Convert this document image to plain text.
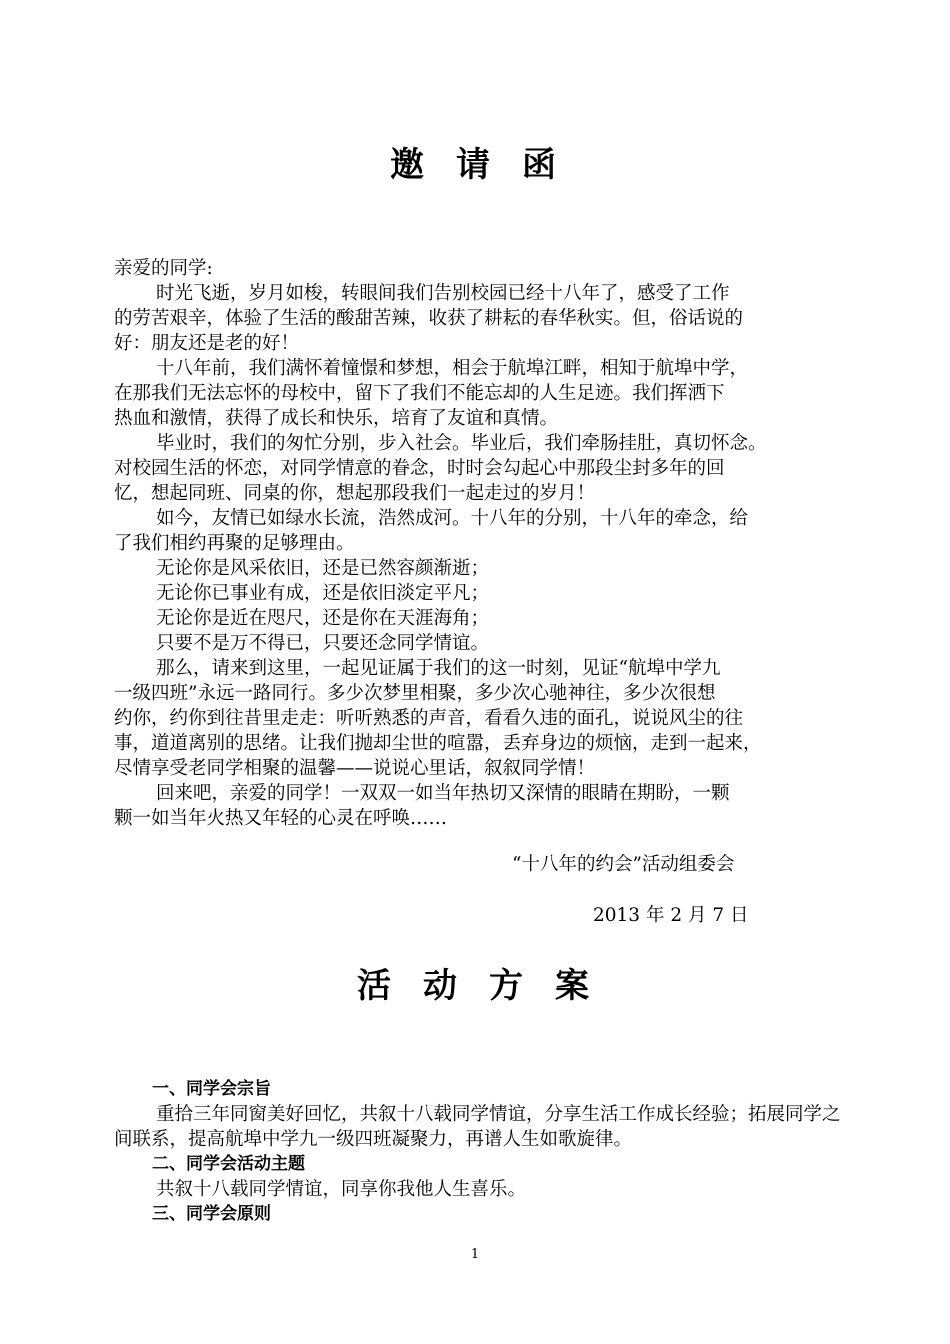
邀 请 函
亲爱的同学:
时光飞逝，岁月如梭，转眼间我们告别校园已经十八年了，感受了工作
的劳苦艰辛，体验了生活的酸甜苦辣，收获了耕耘的春华秋实。但，俗话说的
好：朋友还是老的好！
十八年前，我们满怀着憧憬和梦想，相会于航埠江畔，相知于航埠中学，
在那我们无法忘怀的母校中，留下了我们不能忘却的人生足迹。我们挥洒下
热血和激情，获得了成长和快乐，培育了友谊和真情。
毕业时，我们的匆忙分别，步入社会。毕业后，我们牵肠挂肚，真切怀念。
对校园生活的怀恋，对同学情意的眷念，时时会勾起心中那段尘封多年的回
忆，想起同班、同桌的你，想起那段我们一起走过的岁月！
如今，友情已如绿水长流，浩然成河。十八年的分别，十八年的牵念，给
了我们相约再聚的足够理由。
无论你是风采依旧，还是已然容颜渐逝；
无论你已事业有成，还是依旧淡定平凡；
无论你是近在咫尺，还是你在天涯海角；
只要不是万不得已，只要还念同学情谊。
那么，请来到这里，一起见证属于我们的这一时刻，见证“航埠中学九
一级四班”永远一路同行。多少次梦里相聚，多少次心驰神往，多少次很想
约你，约你到往昔里走走：听听熟悉的声音，看看久违的面孔，说说风尘的往
事，道道离别的思绪。让我们抛却尘世的喧嚣，丢弃身边的烦恼，走到一起来，
尽情享受老同学相聚的温馨——说说心里话，叙叙同学情！
回来吧，亲爱的同学！一双双一如当年热切又深情的眼睛在期盼，一颗
颗一如当年火热又年轻的心灵在呼唤……
“十八年的约会”活动组委会
2013 年 2 月 7 日
活 动 方 案
一、同学会宗旨
重拾三年同窗美好回忆，共叙十八载同学情谊，分享生活工作成长经验；拓展同学之
间联系，提高航埠中学九一级四班凝聚力，再谱人生如歌旋律。
二、同学会活动主题
共叙十八载同学情谊，同享你我他人生喜乐。
三、同学会原则
1
